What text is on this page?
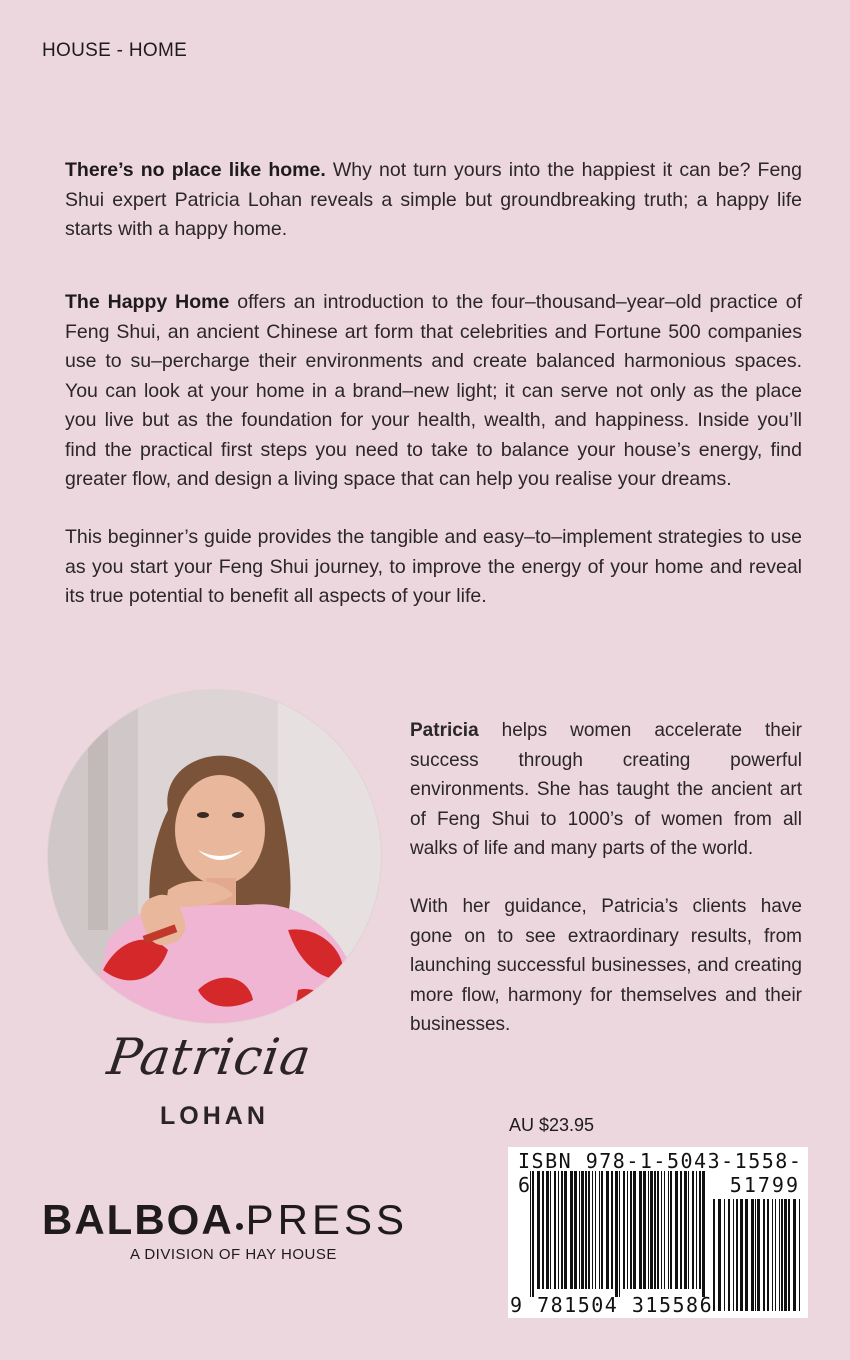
HOUSE - HOME

There’s no place like home. Why not turn yours into the happiest it can be? Feng Shui expert Patricia Lohan reveals a simple but groundbreaking truth; a happy life starts with a happy home.

The Happy Home offers an introduction to the four–thousand–year–old practice of Feng Shui, an ancient Chinese art form that celebrities and Fortune 500 companies use to su–percharge their environments and create balanced harmonious spaces. You can look at your home in a brand–new light; it can serve not only as the place you live but as the foundation for your health, wealth, and happiness. Inside you’ll find the practical first steps you need to take to balance your house’s energy, find greater flow, and design a living space that can help you realise your dreams.

This beginner’s guide provides the tangible and easy–to–implement strategies to use as you start your Feng Shui journey, to improve the energy of your home and reveal its true potential to benefit all aspects of your life.

Patricia helps women accelerate their success through creating powerful environments. She has taught the ancient art of Feng Shui to 1000’s of women from all walks of life and many parts of the world.

With her guidance, Patricia’s clients have gone on to see extraordinary results, from launching successful businesses, and creating more flow, harmony for themselves and their businesses.

Patricia
LOHAN
BALBOA PRESS
A DIVISION OF HAY HOUSE
AU $23.95
ISBN 978-1-5043-1558-6	51799
9 781504 315586
